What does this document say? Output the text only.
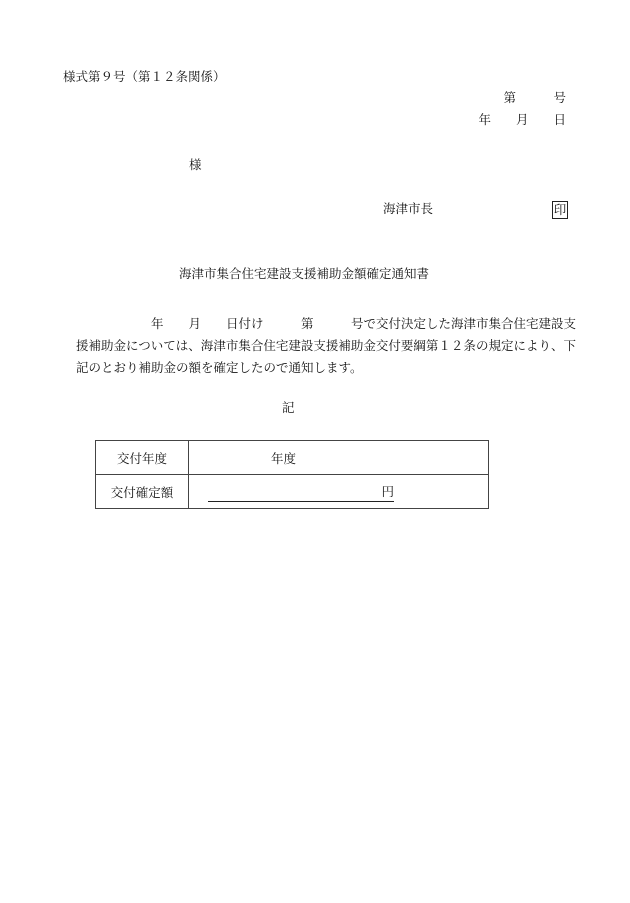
様式第９号（第１２条関係）
第　　　号
年　　月　　日
様
海津市長	印
海津市集合住宅建設支援補助金額確定通知書
　　　　　　年　　月　　日付け　　　第　　　号で交付決定した海津市集合住宅建設支援補助金については、海津市集合住宅建設支援補助金交付要綱第１２条の規定により、下記のとおり補助金の額を確定したので通知します。
記
交付年度	年度
交付確定額	円
